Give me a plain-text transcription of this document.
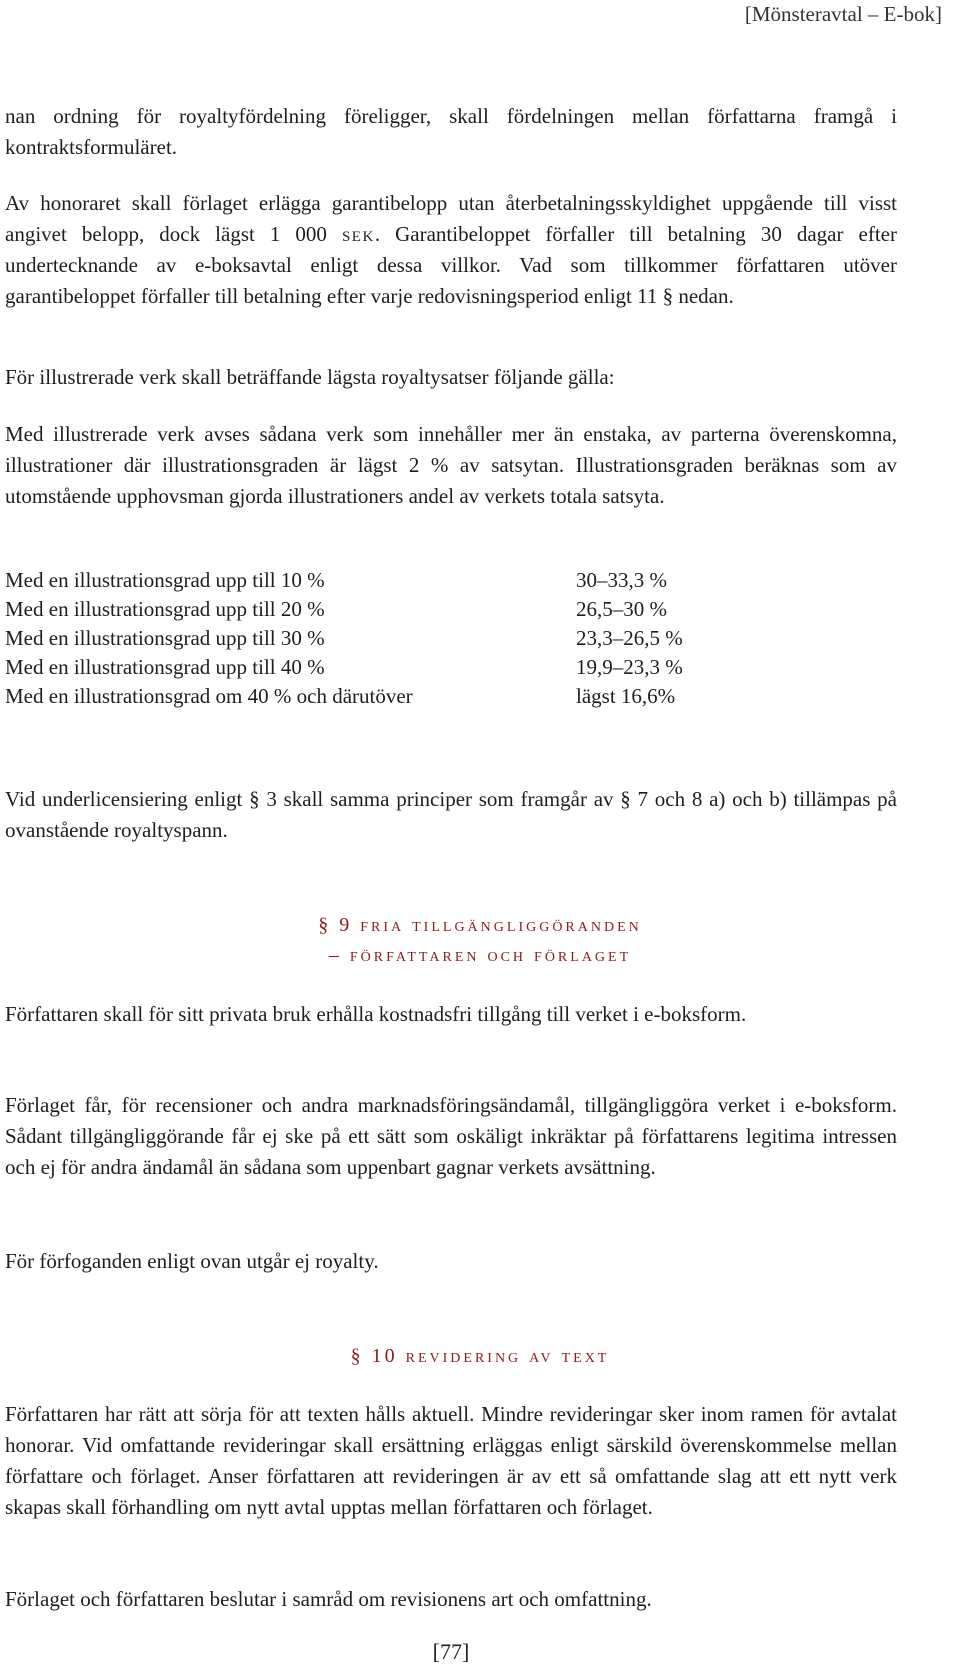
[Mönsteravtal – E-bok]

nan ordning för royaltyfördelning föreligger, skall fördelningen mellan författarna framgå i kontraktsformuläret.

Av honoraret skall förlaget erlägga garantibelopp utan återbetalningsskyldighet uppgående till visst angivet belopp, dock lägst 1 000 sek. Garantibeloppet förfaller till betalning 30 dagar efter undertecknande av e-boksavtal enligt dessa villkor. Vad som tillkommer författaren utöver garantibeloppet förfaller till betalning efter varje redovisningsperiod enligt 11 § nedan.

För illustrerade verk skall beträffande lägsta royaltysatser följande gälla:

Med illustrerade verk avses sådana verk som innehåller mer än enstaka, av parterna överenskomna, illustrationer där illustrationsgraden är lägst 2 % av satsytan. Illustrationsgraden beräknas som av utomstående upphovsman gjorda illustrationers andel av verkets totala satsyta.

Med en illustrationsgrad upp till 10 %	30–33,3 %
Med en illustrationsgrad upp till 20 %	26,5–30 %
Med en illustrationsgrad upp till 30 %	23,3–26,5 %
Med en illustrationsgrad upp till 40 %	19,9–23,3 %
Med en illustrationsgrad om 40 % och därutöver	lägst 16,6%

Vid underlicensiering enligt § 3 skall samma principer som framgår av § 7 och 8 a) och b) tillämpas på ovanstående royaltyspann.

§ 9 fria tillgängliggöranden
– författaren och förlaget

Författaren skall för sitt privata bruk erhålla kostnadsfri tillgång till verket i e-boksform.

Förlaget får, för recensioner och andra marknadsföringsändamål, tillgängliggöra verket i e-boksform. Sådant tillgängliggörande får ej ske på ett sätt som oskäligt inkräktar på författarens legitima intressen och ej för andra ändamål än sådana som uppenbart gagnar verkets avsättning.

För förfoganden enligt ovan utgår ej royalty.

§ 10 revidering av text

Författaren har rätt att sörja för att texten hålls aktuell. Mindre revideringar sker inom ramen för avtalat honorar. Vid omfattande revideringar skall ersättning erläggas enligt särskild överenskommelse mellan författare och förlaget. Anser författaren att revideringen är av ett så omfattande slag att ett nytt verk skapas skall förhandling om nytt avtal upptas mellan författaren och förlaget.

Förlaget och författaren beslutar i samråd om revisionens art och omfattning.

[77]
